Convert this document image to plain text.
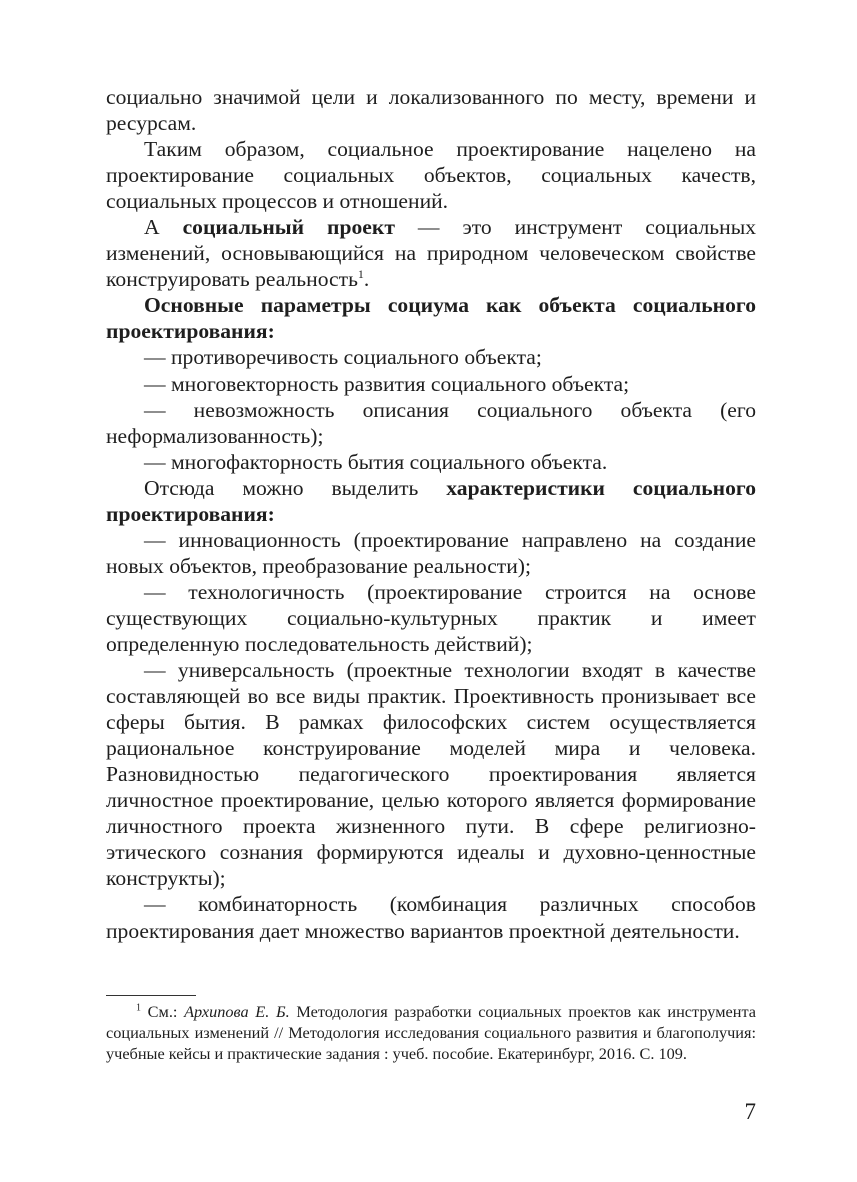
социально значимой цели и локализованного по месту, времени и ресурсам.

Таким образом, социальное проектирование нацелено на проектирование социальных объектов, социальных качеств, социальных процессов и отношений.

А социальный проект — это инструмент социальных изменений, основывающийся на природном человеческом свойстве конструировать реальность$^1$.

Основные параметры социума как объекта социального проектирования:

— противоречивость социального объекта;

— многовекторность развития социального объекта;

— невозможность описания социального объекта (его неформализованность);

— многофакторность бытия социального объекта.

Отсюда можно выделить характеристики социального проектирования:

— инновационность (проектирование направлено на создание новых объектов, преобразование реальности);

— технологичность (проектирование строится на основе существующих социально-культурных практик и имеет определенную последовательность действий);

— универсальность (проектные технологии входят в качестве составляющей во все виды практик. Проективность пронизывает все сферы бытия. В рамках философских систем осуществляется рациональное конструирование моделей мира и человека. Разновидностью педагогического проектирования является личностное проектирование, целью которого является формирование личностного проекта жизненного пути. В сфере религиозно-этического сознания формируются идеалы и духовно-ценностные конструкты);

— комбинаторность (комбинация различных способов проектирования дает множество вариантов проектной деятельности.

$^1$ См.: Архипова Е. Б. Методология разработки социальных проектов как инструмента социальных изменений // Методология исследования социального развития и благополучия: учебные кейсы и практические задания : учеб. пособие. Екатеринбург, 2016. С. 109.

7
